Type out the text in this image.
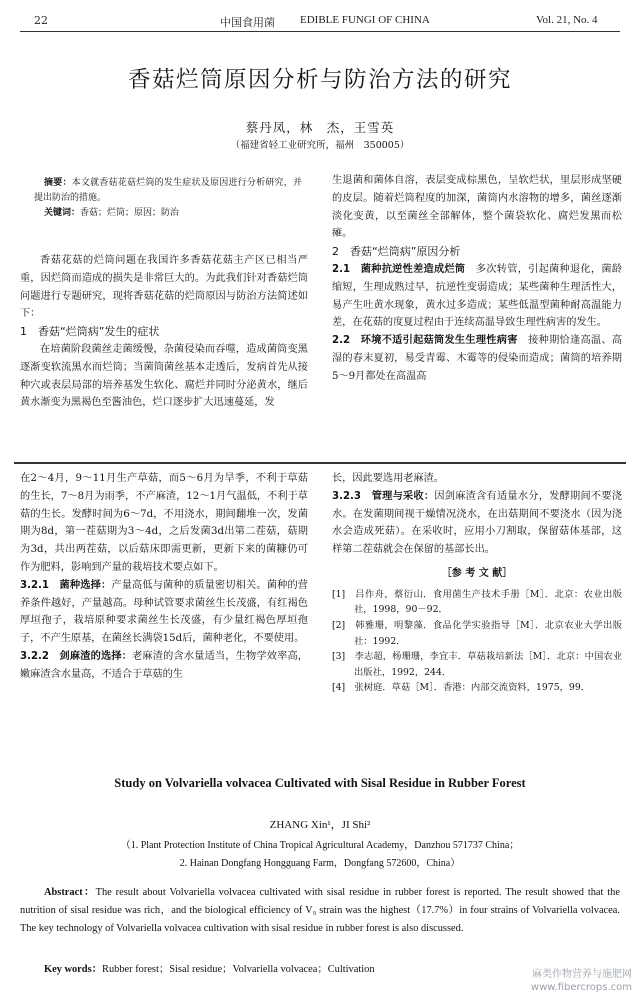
22	中国食用菌 EDIBLE FUNGI OF CHINA	Vol. 21, No. 4
香菇烂筒原因分析与防治方法的研究
蔡丹凤，林　杰，王雪英
（福建省轻工业研究所，福州　350005）

摘要：本文就香菇花菇烂筒的发生症状及原因进行分析研究，并提出防治的措施。

关键词：香菇；烂筒；原因；防治

香菇花菇的烂筒问题在我国许多香菇花菇主产区已相当严重，因烂筒而造成的损失是非常巨大的。为此我们针对香菇烂筒问题进行专题研究，现将香菇花菇的烂筒原因与防治方法简述如下：

1　香菇“烂筒病”发生的症状

在培菌阶段菌丝走菌缓慢，杂菌侵染而吞噬，造成菌筒变黑逐渐变软流黑水而烂筒；当菌筒菌丝基本走透后，发病首先从接种穴或表层局部的培养基发生软化、腐烂并同时分泌黄水，继后黄水渐变为黑褐色至酱油色，烂口逐步扩大迅速蔓延，发

生退菌和菌体自溶，表层变成棕黑色，呈软烂状，里层形成坚硬的皮层。随着烂筒程度的加深，菌筒内水溶物的增多，菌丝逐渐淡化变黄，以至菌丝全部解体，整个菌袋软化、腐烂发黑而松瘫。

2　香菇“烂筒病”原因分析

2.1　菌种抗逆性差造成烂筒　 多次转管，引起菌种退化，菌龄缩短，生理成熟过早，抗逆性变弱造成；某些菌种生理活性大，易产生吐黄水现象，黄水过多造成；某些低温型菌种耐高温能力差，在花菇的度夏过程由于连续高温导致生理性病害的发生。

2.2　环境不适引起菇筒发生生理性病害　 接种期恰逢高温、高湿的春末夏初，易受青霉、木霉等的侵染而造成；菌筒的培养期5～9月都处在高温高

在2～4月，9～11月生产草菇，而5～6月为旱季，不利于草菇的生长，7～8月为雨季，不产麻渣，12～1月气温低，不利于草菇的生长。发酵时间为6～7d，不用浇水，期间翻堆一次，发菌期为8d，第一茬菇期为3～4d，之后发菌3d出第二茬菇，菇期为3d，共出两茬菇，以后菇床即需更新，更新下来的菌糠仍可作为肥料，影响到产量的栽培技术要点如下。

3.2.1　菌种选择：产量高低与菌种的质量密切相关。菌种的营养条件越好，产量越高。母种试管要求菌丝生长茂盛，有红褐色厚垣孢子，栽培原种要求菌丝生长茂盛，有少量红褐色厚垣孢子，不产生原基，在菌丝长满袋15d后，菌种老化，不要使用。

3.2.2　剑麻渣的选择：老麻渣的含水量适当，生物学效率高，嫩麻渣含水量高，不适合于草菇的生

长，因此要选用老麻渣。

3.2.3　管理与采收：因剑麻渣含有适量水分，发酵期间不要浇水。在发菌期间视干燥情况浇水，在出菇期间不要浇水（因为浇水会造成死菇）。在采收时，应用小刀割取，保留菇体基部，这样第二茬菇就会在保留的基部长出。

［参 考 文 献］

[1]　吕作舟，蔡衍山．食用菌生产技术手册［M］．北京：农业出版社，1998，90－92．

[2]　韩雅珊，明黎藻．食品化学实验指导［M］．北京农业大学出版社：1992．

[3]　李志超，杨珊珊，李宜丰．草菇栽培新法［M］．北京：中国农业出版社，1992，244．

[4]　张树庭．草菇［M］．香港：内部交流资料，1975，99．

Study on Volvariella volvacea Cultivated with Sisal Residue in Rubber Forest
ZHANG Xin¹，JI Shi²
（1. Plant Protection Institute of China Tropical Agricultural Academy，Danzhou 571737 China；
2. Hainan Dongfang Hongguang Farm，Dongfang 572600，China）
Abstract：The result about Volvariella volvacea cultivated with sisal residue in rubber forest is reported. The result showed that the nutrition of sisal residue was rich，and the biological efficiency of V₉ strain was the highest（17.7%）in four strains of Volvariella volvacea. The key technology of Volvariella volvacea cultivation with sisal residue in rubber forest is also discussed.
Key words：Rubber forest；Sisal residue；Volvariella volvacea；Cultivation	麻类作物营养与施肥网
www.fibercrops.com
